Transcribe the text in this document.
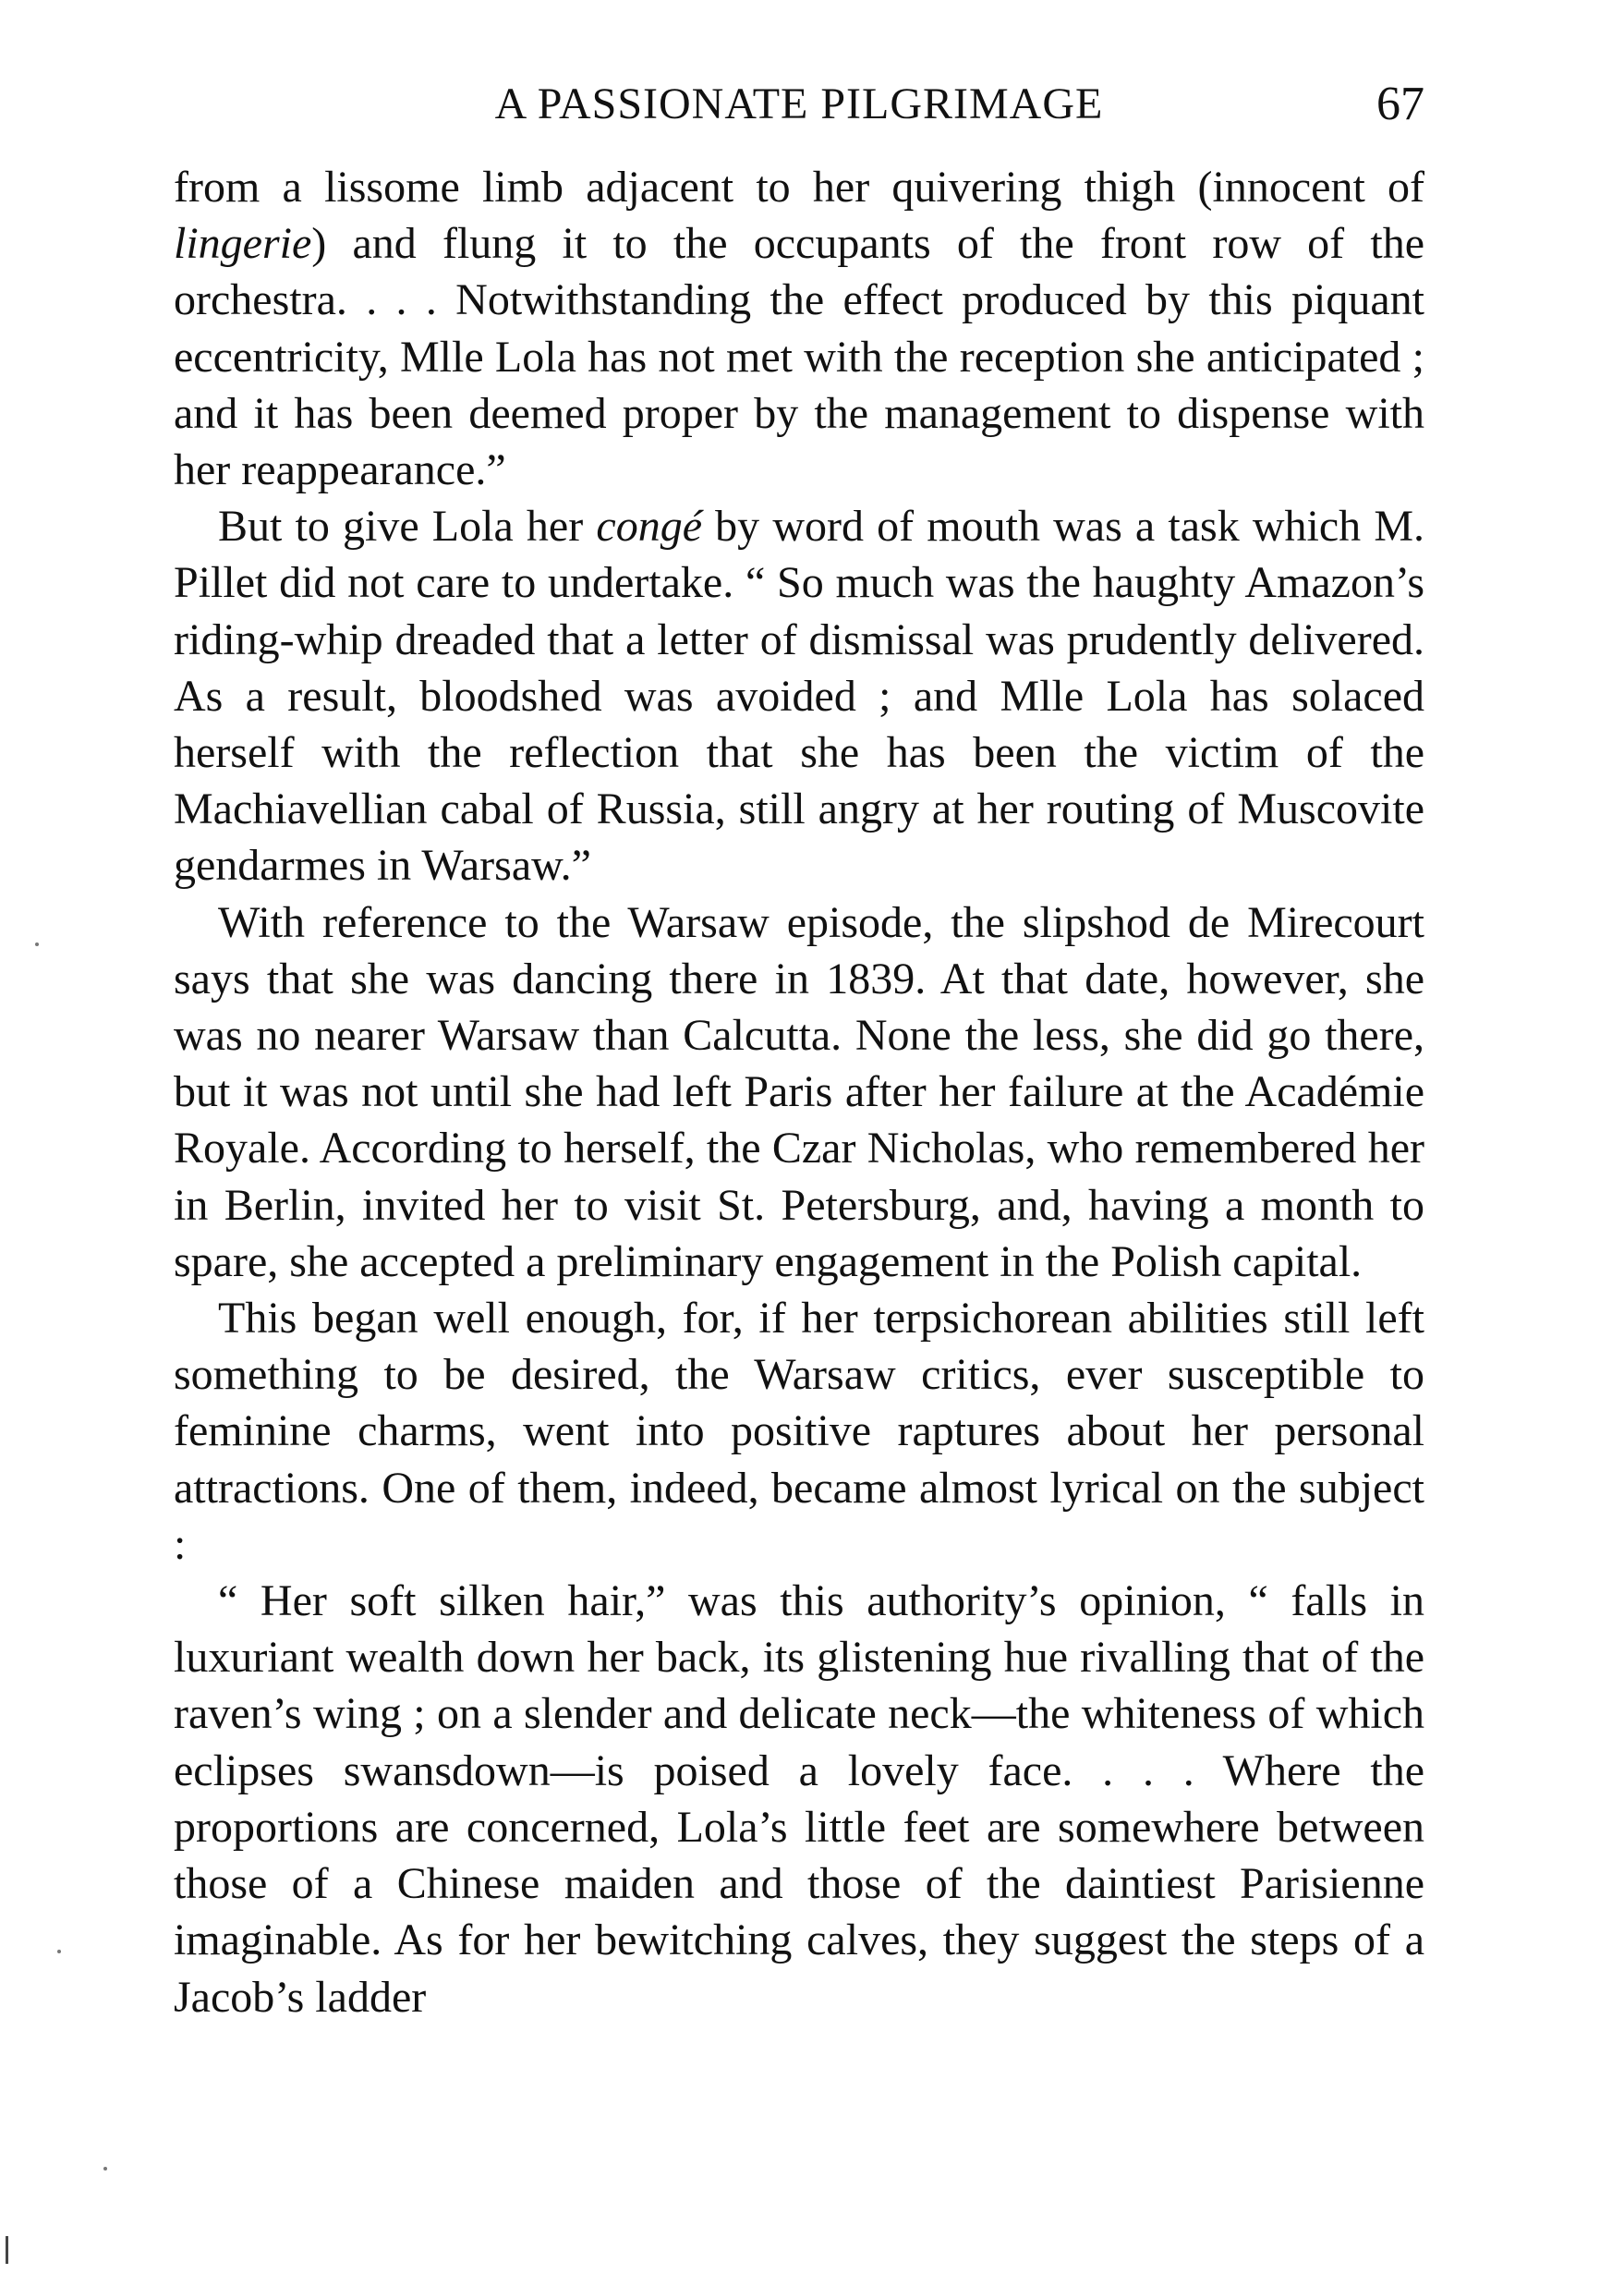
A PASSIONATE PILGRIMAGE	67

from a lissome limb adjacent to her quivering thigh (innocent of lingerie) and flung it to the occupants of the front row of the orchestra. . . . Notwithstanding the effect produced by this piquant eccentricity, Mlle Lola has not met with the reception she anticipated ; and it has been deemed proper by the management to dispense with her reappearance.”

But to give Lola her congé by word of mouth was a task which M. Pillet did not care to undertake. “ So much was the haughty Amazon’s riding-whip dreaded that a letter of dismissal was prudently delivered. As a result, bloodshed was avoided ; and Mlle Lola has solaced herself with the reflection that she has been the victim of the Machiavellian cabal of Russia, still angry at her routing of Muscovite gendarmes in Warsaw.”

With reference to the Warsaw episode, the slipshod de Mirecourt says that she was dancing there in 1839. At that date, however, she was no nearer Warsaw than Calcutta. None the less, she did go there, but it was not until she had left Paris after her failure at the Académie Royale. According to herself, the Czar Nicholas, who remembered her in Berlin, invited her to visit St. Petersburg, and, having a month to spare, she accepted a preliminary engagement in the Polish capital.

This began well enough, for, if her terpsichorean abilities still left something to be desired, the Warsaw critics, ever susceptible to feminine charms, went into positive raptures about her personal attractions. One of them, indeed, became almost lyrical on the subject :

“ Her soft silken hair,” was this authority’s opinion, “ falls in luxuriant wealth down her back, its glistening hue rivalling that of the raven’s wing ; on a slender and delicate neck—the whiteness of which eclipses swansdown—is poised a lovely face. . . . Where the proportions are concerned, Lola’s little feet are somewhere between those of a Chinese maiden and those of the daintiest Parisienne imaginable. As for her bewitching calves, they suggest the steps of a Jacob’s ladder
